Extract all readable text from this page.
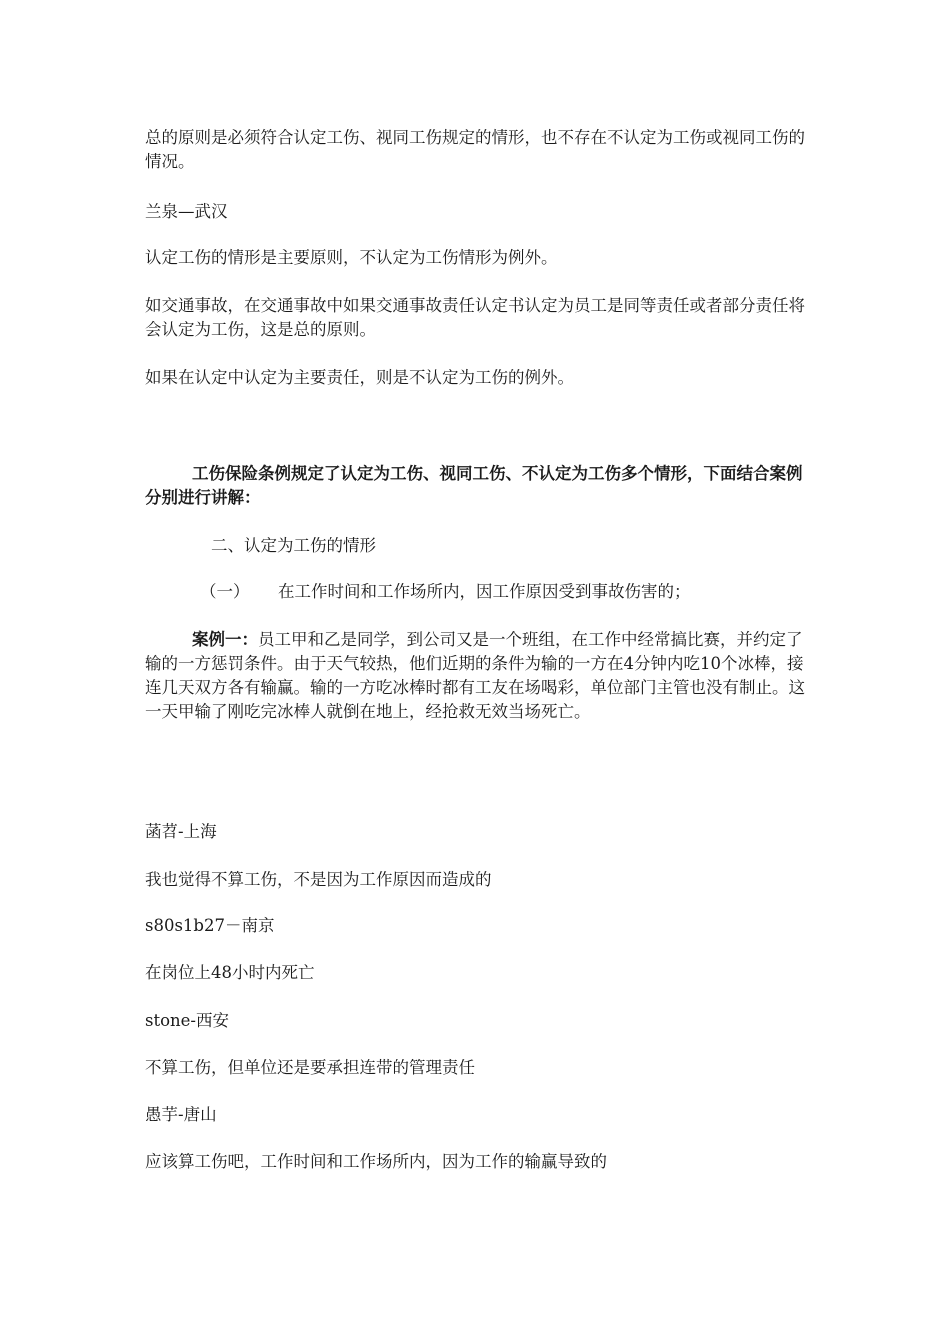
总的原则是必须符合认定工伤、视同工伤规定的情形，也不存在不认定为工伤或视同工伤的情况。

兰泉—武汉

认定工伤的情形是主要原则，不认定为工伤情形为例外。

如交通事故，在交通事故中如果交通事故责任认定书认定为员工是同等责任或者部分责任将会认定为工伤，这是总的原则。

如果在认定中认定为主要责任，则是不认定为工伤的例外。

工伤保险条例规定了认定为工伤、视同工伤、不认定为工伤多个情形，下面结合案例分别进行讲解：

二、认定为工伤的情形

（一） 在工作时间和工作场所内，因工作原因受到事故伤害的；

案例一：员工甲和乙是同学，到公司又是一个班组，在工作中经常搞比赛，并约定了输的一方惩罚条件。由于天气较热，他们近期的条件为输的一方在4分钟内吃10个冰棒，接连几天双方各有输赢。输的一方吃冰棒时都有工友在场喝彩，单位部门主管也没有制止。这一天甲输了刚吃完冰棒人就倒在地上，经抢救无效当场死亡。

菡苕-上海

我也觉得不算工伤，不是因为工作原因而造成的

s80s1b27－南京

在岗位上48小时内死亡

stone-西安

不算工伤，但单位还是要承担连带的管理责任

愚芋-唐山

应该算工伤吧，工作时间和工作场所内，因为工作的输赢导致的
